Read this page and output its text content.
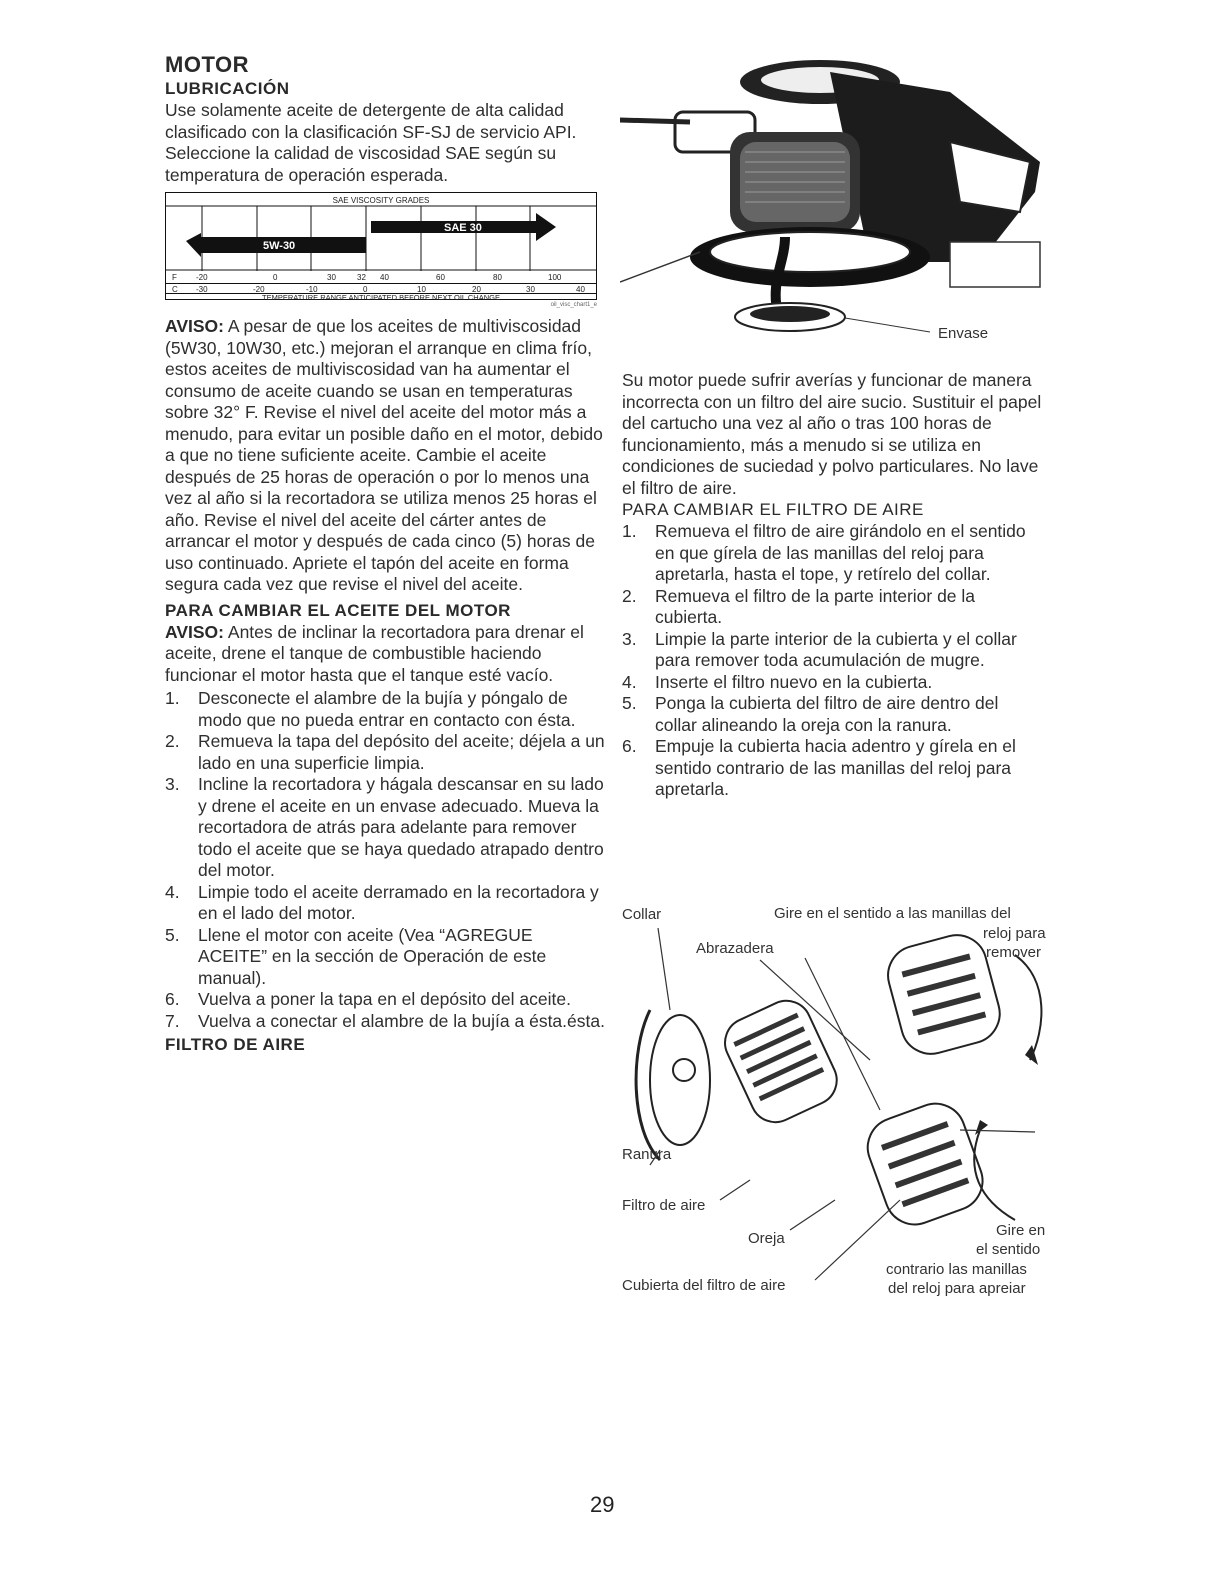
MOTOR
LUBRICACIÓN

Use solamente aceite de detergente de alta calidad clasificado con la clasificación SF-SJ de servicio API. Seleccione la calidad de viscosidad SAE según su temperatura de operación esperada.

SAE VISCOSITY GRADES
SAE 30
5W-30
F -20	0	30	32 40	60	80	100
C -30	-20	-10	0	10	20	30	40
TEMPERATURE RANGE ANTICIPATED BEFORE NEXT OIL CHANGE
oil_visc_chart1_e

AVISO: A pesar de que los aceites de multiviscosidad (5W30, 10W30, etc.) mejoran el arranque en clima frío, estos aceites de multiviscosidad van ha aumentar el consumo de aceite cuando se usan en temperaturas sobre 32° F. Revise el nivel del aceite del motor más a menudo, para evitar un posible daño en el motor, debido a que no tiene suficiente aceite. Cambie el aceite después de 25 horas de operación o por lo menos una vez al año si la recortadora se utiliza menos 25 horas el año. Revise el nivel del aceite del cárter antes de arrancar el motor y después de cada cinco (5) horas de uso continuado. Apriete el tapón del aceite en forma segura cada vez que revise el nivel del aceite.

PARA CAMBIAR EL ACEITE DEL MOTOR

AVISO: Antes de inclinar la recortadora para drenar el aceite, drene el tanque de combustible haciendo funcionar el motor hasta que el tanque esté vacío.

1. Desconecte el alambre de la bujía y póngalo de modo que no pueda entrar en contacto con ésta.
2. Remueva la tapa del depósito del aceite; déjela a un lado en una superficie limpia.
3. Incline la recortadora y hágala descansar en su lado y drene el aceite en un envase adecuado. Mueva la recortadora de atrás para adelante para remover todo el aceite que se haya quedado atrapado dentro del motor.
4. Limpie todo el aceite derramado en la recortadora y en el lado del motor.
5. Llene el motor con aceite (Vea “AGREGUE ACEITE” en la sección de Operación de este manual).
6. Vuelva a poner la tapa en el depósito del aceite.
7. Vuelva a conectar el alambre de la bujía a ésta.ésta.
FILTRO DE AIRE
Envase

Su motor puede sufrir averías y funcionar de manera incorrecta con un filtro del aire sucio. Sustituir el papel del cartucho una vez al año o tras 100 horas de funcionamiento, más a menudo si se utiliza en condiciones de suciedad y polvo particulares. No lave el filtro de aire.

PARA CAMBIAR EL FILTRO DE AIRE
1. Remueva el filtro de aire girándolo en el sentido en que gírela de las manillas del reloj para apretarla, hasta el tope, y retírelo del collar.
2. Remueva el filtro de la parte interior de la cubierta.
3. Limpie la parte interior de la cubierta y el collar para remover toda acumulación de mugre.
4. Inserte el filtro nuevo en la cubierta.
5. Ponga la cubierta del filtro de aire dentro del collar alineando la oreja con la ranura.
6. Empuje la cubierta hacia adentro y gírela en el sentido contrario de las manillas del reloj para apretarla.
Collar	Gire en el sentido a las manillas del
reloj para
remover
Abrazadera
Ranura
Filtro de aire
Oreja	Gire en
el sentido
contrario las manillas
del reloj para apreiar
Cubierta del filtro de aire
29
